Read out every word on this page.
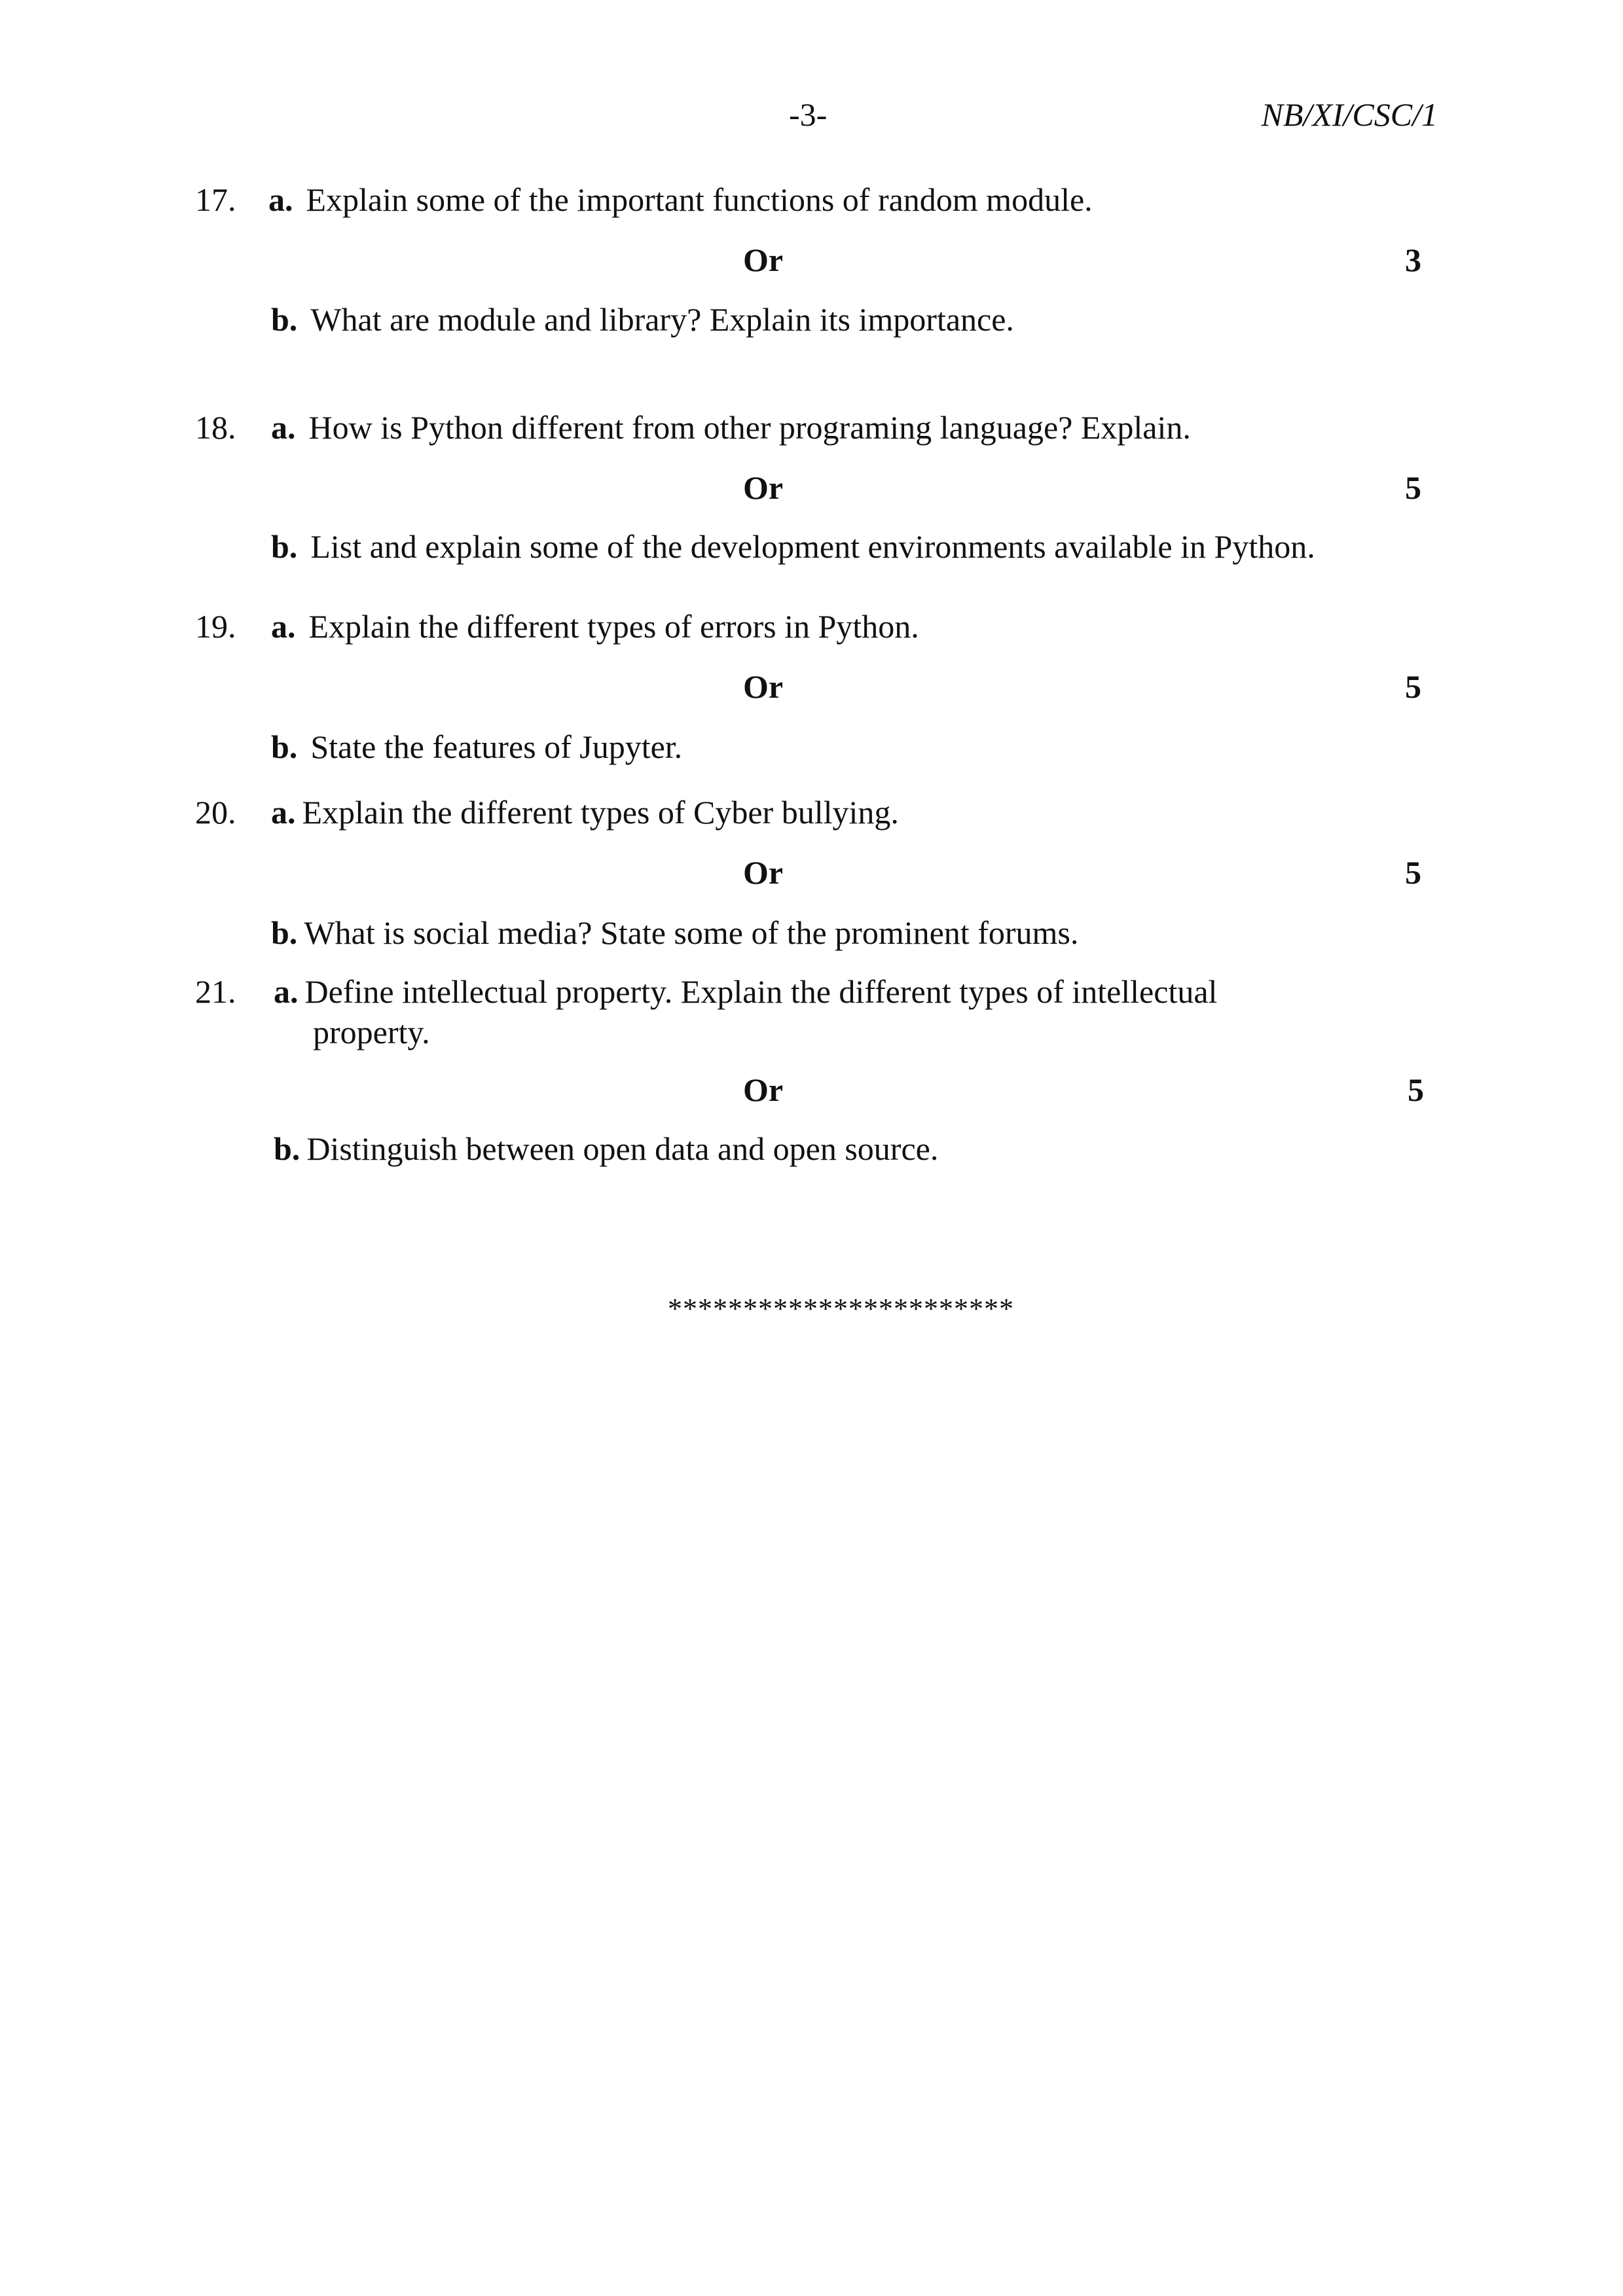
-3-	NB/XI/CSC/1
17. a. Explain some of the important functions of random module.
Or	3
b. What are module and library? Explain its importance.
18. a. How is Python different from other programing language? Explain.
Or	5
b. List and explain some of the development environments available in Python.
19. a. Explain the different types of errors in Python.
Or	5
b. State the features of Jupyter.
20. a. Explain the different types of Cyber bullying.
Or	5
b. What is social media? State some of the prominent forums.
21. a. Define intellectual property. Explain the different types of intellectual
property.
Or	5
b. Distinguish between open data and open source.
***********************
